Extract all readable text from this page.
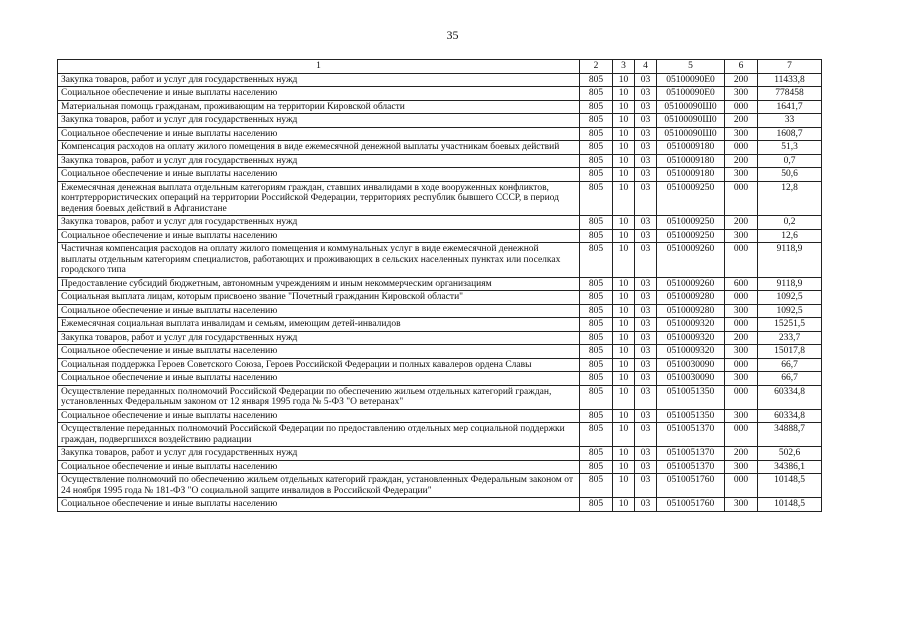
35
1	2	3	4	5	6	7
Закупка товаров, работ и услуг для государственных нужд	805	10	03	05100090Е0	200	11433,8
Социальное обеспечение и иные выплаты населению	805	10	03	05100090Е0	300	778458
Материальная помощь гражданам, проживающим на территории Кировской области	805	10	03	05100090Ш0	000	1641,7
Закупка товаров, работ и услуг для государственных нужд	805	10	03	05100090Ш0	200	33
Социальное обеспечение и иные выплаты населению	805	10	03	05100090Ш0	300	1608,7
Компенсация расходов на оплату жилого помещения в виде ежемесячной денежной выплаты участникам боевых действий	805	10	03	0510009180	000	51,3
Закупка товаров, работ и услуг для государственных нужд	805	10	03	0510009180	200	0,7
Социальное обеспечение и иные выплаты населению	805	10	03	0510009180	300	50,6
Ежемесячная денежная выплата отдельным категориям граждан, ставших инвалидами в ходе вооруженных конфликтов, контртеррористических операций на территории Российской Федерации, территориях республик бывшего СССР, в период ведения боевых действий в Афганистане	805	10	03	0510009250	000	12,8
Закупка товаров, работ и услуг для государственных нужд	805	10	03	0510009250	200	0,2
Социальное обеспечение и иные выплаты населению	805	10	03	0510009250	300	12,6
Частичная компенсация расходов на оплату жилого помещения и коммунальных услуг в виде ежемесячной денежной выплаты отдельным категориям специалистов, работающих и проживающих в сельских населенных пунктах или поселках городского типа	805	10	03	0510009260	000	9118,9
Предоставление субсидий бюджетным, автономным учреждениям и иным некоммерческим организациям	805	10	03	0510009260	600	9118,9
Социальная выплата лицам, которым присвоено звание "Почетный гражданин Кировской области"	805	10	03	0510009280	000	1092,5
Социальное обеспечение и иные выплаты населению	805	10	03	0510009280	300	1092,5
Ежемесячная социальная выплата инвалидам и семьям, имеющим детей-инвалидов	805	10	03	0510009320	000	15251,5
Закупка товаров, работ и услуг для государственных нужд	805	10	03	0510009320	200	233,7
Социальное обеспечение и иные выплаты населению	805	10	03	0510009320	300	15017,8
Социальная поддержка Героев Советского Союза, Героев Российской Федерации и полных кавалеров ордена Славы	805	10	03	0510030090	000	66,7
Социальное обеспечение и иные выплаты населению	805	10	03	0510030090	300	66,7
Осуществление переданных полномочий Российской Федерации по обеспечению жильем отдельных категорий граждан, установленных Федеральным законом от 12 января 1995 года № 5-ФЗ "О ветеранах"	805	10	03	0510051350	000	60334,8
Социальное обеспечение и иные выплаты населению	805	10	03	0510051350	300	60334,8
Осуществление переданных полномочий Российской Федерации по предоставлению отдельных мер социальной поддержки граждан, подвергшихся воздействию радиации	805	10	03	0510051370	000	34888,7
Закупка товаров, работ и услуг для государственных нужд	805	10	03	0510051370	200	502,6
Социальное обеспечение и иные выплаты населению	805	10	03	0510051370	300	34386,1
Осуществление полномочий по обеспечению жильем отдельных категорий граждан, установленных Федеральным законом от 24 ноября 1995 года № 181-ФЗ "О социальной защите инвалидов в Российской Федерации"	805	10	03	0510051760	000	10148,5
Социальное обеспечение и иные выплаты населению	805	10	03	0510051760	300	10148,5
